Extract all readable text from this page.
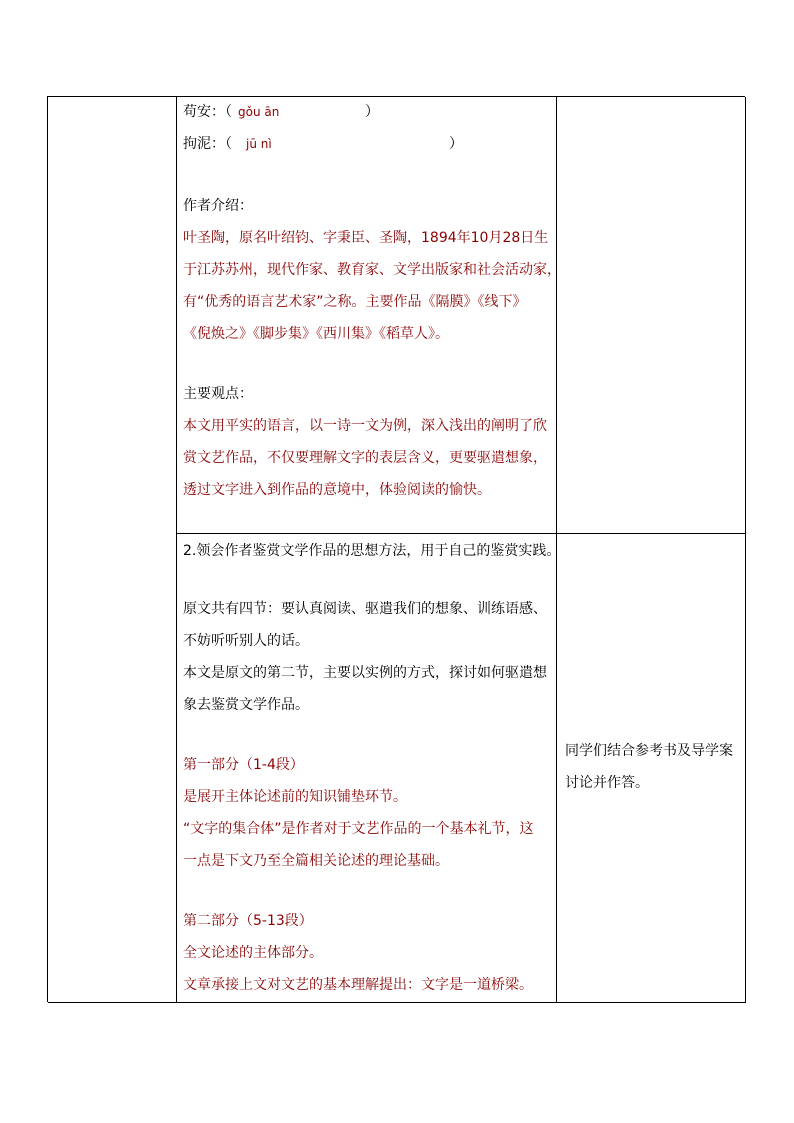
苟安：（ gǒu ān	）
拘泥：（ jū nì	）
作者介绍：
叶圣陶，原名叶绍钧、字秉臣、圣陶，1894年10月28日生
于江苏苏州，现代作家、教育家、文学出版家和社会活动家，
有“优秀的语言艺术家”之称。主要作品《隔膜》《线下》
《倪焕之》《脚步集》《西川集》《稻草人》。
主要观点：
本文用平实的语言，以一诗一文为例，深入浅出的阐明了欣
赏文艺作品，不仅要理解文字的表层含义，更要驱遣想象，
透过文字进入到作品的意境中，体验阅读的愉快。
2.领会作者鉴赏文学作品的思想方法，用于自己的鉴赏实践。
原文共有四节：要认真阅读、驱遣我们的想象、训练语感、
不妨听听别人的话。
本文是原文的第二节，主要以实例的方式，探讨如何驱遣想
象去鉴赏文学作品。
第一部分（1-4段）
是展开主体论述前的知识铺垫环节。
“文字的集合体”是作者对于文艺作品的一个基本礼节，这
一点是下文乃至全篇相关论述的理论基础。
第二部分（5-13段）
全文论述的主体部分。
文章承接上文对文艺的基本理解提出：文字是一道桥梁。
同学们结合参考书及导学案
讨论并作答。
